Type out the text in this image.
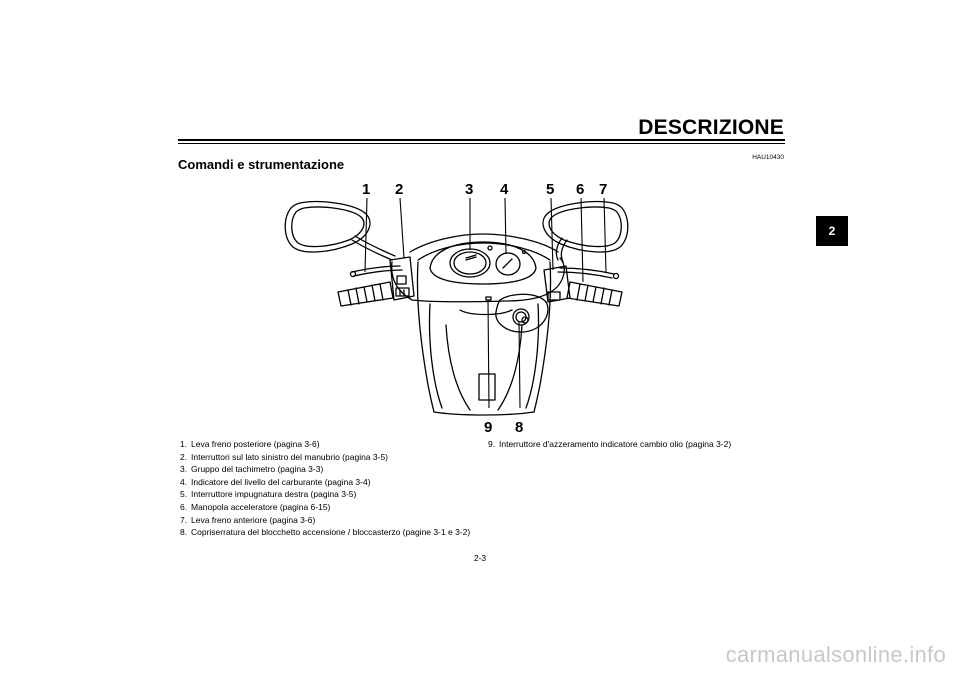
DESCRIZIONE
2
HAU10430
Comandi e strumentazione
1 2	3 4	5 6 7
8
9
1. Leva freno posteriore (pagina 3-6)
2. Interruttori sul lato sinistro del manubrio (pagina 3-5)
3. Gruppo del tachimetro (pagina 3-3)
4. Indicatore del livello del carburante (pagina 3-4)
5. Interruttore impugnatura destra (pagina 3-5)
6. Manopola acceleratore (pagina 6-15)
7. Leva freno anteriore (pagina 3-6)
8. Copriserratura del blocchetto accensione / bloccasterzo (pagine 3-1 e 3-2)
9. Interruttore d'azzeramento indicatore cambio olio (pagina 3-2)
2-3
carmanualsonline.info
